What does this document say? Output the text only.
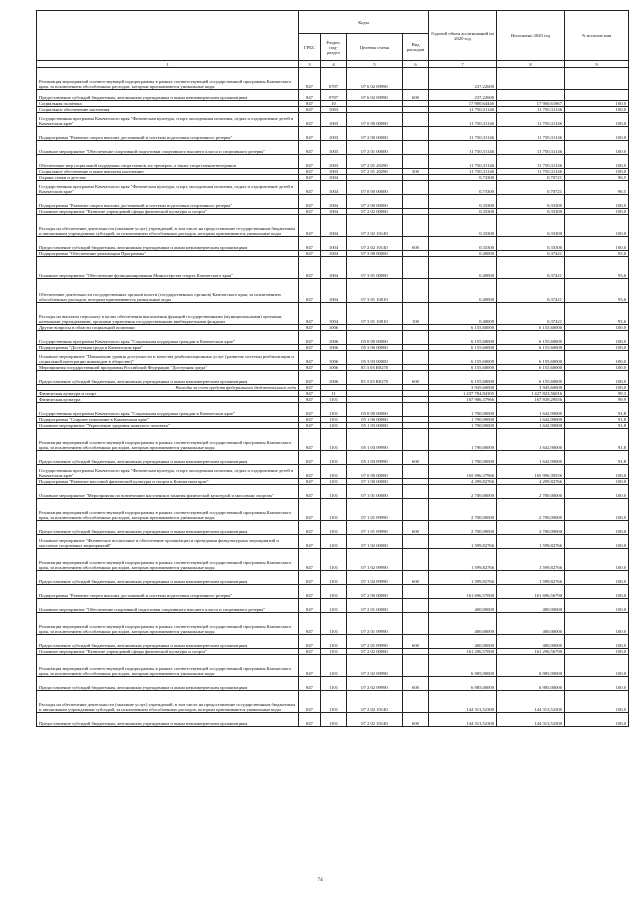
	Коды				Годовой объем ассигнований на 2020 год	Исполнено 2020 год	% исполне ния
	ГРБС	Раздел, под-раздел	Целевая статья	Вид расходов			
1	3	4	5	6	7	8	9
Реализация мероприятий соответствующей подпрограммы в рамках соответствующей государственной программы Камчатского края, за исключением обособленных расходов, которым присваиваются уникальные коды	847	0707	07 6 02 09990		237,22600		
Предоставление субсидий бюджетным, автономным учреждениям и иным некоммерческим организациям	847	0707	07 6 02 09990	600	237,22600		
Социальная политика	847	10			17 900,64446	17 900,61867	100,0
Социальное обеспечение населения	847	1003			11 750,31146	11 750,31146	100,0
Государственная программа Камчатского края "Физическая культура, спорт, молодежная политика, отдых и оздоровление детей в Камчатском крае"	847	1003	07 0 00 00000		11 750,31146	11 750,31146	100,0
Подпрограмма "Развитие спорта высших достижений и системы подготовки спортивного резерва"	847	1003	07 2 00 00000		11 750,31146	11 750,31146	100,0
Основное мероприятие "Обеспечение спортивной подготовки спортивного высшего класса и спортивного резерва"	847	1003	07 2 01 00000		11 750,31146	11 750,31146	100,0
Обеспечение мер социальной поддержки спортсменов, их тренеров, а также спортсменов-ветеранов	847	1003	07 2 01 20290		11 750,31146	11 750,31146	100,0
Социальное обеспечение и иные выплаты населению	847	1003	07 2 01 20290	300	11 750,31146	11 750,31146	100,0
Охрана семьи и детства	847	1004			0,73300	0,70721	96,5
Государственная программа Камчатского края "Физическая культура, спорт, молодежная политика, отдых и оздоровление детей в Камчатском крае"	847	1004	07 0 00 00000		0,73300	0,70721	96,5
Подпрограмма "Развитие спорта высших достижений и системы подготовки спортивного резерва"	847	1004	07 2 00 00000		0,33300	0,33300	100,0
Основное мероприятие "Развитие учреждений сферы физической культуры и спорта"	847	1004	07 2 02 00000		0,33300	0,33300	100,0
Расходы на обеспечение деятельности (оказание услуг) учреждений, в том числе на предоставление государственным бюджетным и автономным учреждениям субсидий, за исключением обособленных расходов, которым присваиваются уникальные коды	847	1004	07 2 02 10140		0,33300	0,33300	100,0
Предоставление субсидий бюджетным, автономным учреждениям и иным некоммерческим организациям	847	1004	07 2 02 10140	600	0,33300	0,33300	100,0
Подпрограмма "Обеспечение реализации Программы"	847	1004	07 3 00 00000		0,40000	0,37421	93,6
Основное мероприятие "Обеспечение функционирования Министерства спорта Камчатского края"	847	1004	07 3 01 00000		0,40000	0,37421	93,6
Обеспечение деятельности государственных органов власти (государственных органов) Камчатского края, за исключением обособленных расходов, которым присваиваются уникальные коды	847	1004	07 3 01 10010		0,40000	0,37421	93,6
Расходы на выплаты персоналу в целях обеспечения выполнения функций государственными (муниципальными) органами, казенными учреждениями, органами управления государственными внебюджетными фондами	847	1004	07 3 01 10010	100	0,40000	0,37421	93,6
Другие вопросы в области социальной политики	847	1006			6 155,60000	6 155,60000	100,0
Государственная программа Камчатского края "Социальная поддержка граждан в Камчатском крае"	847	1006	05 0 00 00000		6 155,60000	6 155,60000	100,0
Подпрограмма "Доступная среда в Камчатском крае"	847	1006	05 3 00 00000		6 155,60000	6 155,60000	100,0
Основное мероприятие "Повышение уровня доступности и качества реабилитационных услуг (развитие системы реабилитации и социальной интеграции инвалидов в обществе)"	847	1006	05 3 03 00000		6 155,60000	6 155,60000	100,0
Мероприятия государственной программы Российской Федерации "Доступная среда"	847	1006	05 3 03 R0270		6 155,60000	6 155,60000	100,0
Предоставление субсидий бюджетным, автономным учреждениям и иным некоммерческим организациям	847	1006	05 3 03 R0270	600	6 155,60000	6 155,60000	100,0
Расходы за счет средств федерального бюджета/иного года	847				3 945,60000	3 945,60000	100,0
Физическая культура и спорт	847	11			1 437 784,84305	1 427 823,56016	99,3
Физическая культура	847	1101			167 986,37966	167 839,29556	99,9
Государственная программа Камчатского края "Социальная поддержка граждан в Камчатском крае"	847	1101	05 0 00 00000		1 790,00000	1 642,90000	91,8
Подпрограмма "Старшее поколение в Камчатском крае"	847	1101	05 1 00 00000		1 790,00000	1 642,90000	91,8
Основное мероприятие "Укрепление здоровья пожилого человека"	847	1101	05 1 03 00000		1 790,00000	1 642,90000	91,8
Реализация мероприятий соответствующей подпрограммы в рамках соответствующей государственной программы Камчатского края, за исключением обособленных расходов, которым присваиваются уникальные коды	847	1101	05 1 03 09990		1 790,00000	1 642,90000	91,8
Предоставление субсидий бюджетным, автономным учреждениям и иным некоммерческим организациям	847	1101	05 1 03 09990	600	1 790,00000	1 642,90000	91,8
Государственная программа Камчатского края "Физическая культура, спорт, молодежная политика, отдых и оздоровление детей в Камчатском крае"	847	1101	07 0 00 00000		165 996,37966	165 996,39556	100,0
Подпрограмма "Развитие массовой физической культуры и спорта в Камчатском крае"	847	1101	07 1 00 00000		4 299,82766	4 299,82766	100,0
Основное мероприятие "Мероприятия по вовлечению населения в занятия физической культурой и массовым спортом"	847	1101	07 1 01 00000		2 700,00000	2 700,00000	100,0
Реализация мероприятий соответствующей подпрограммы в рамках соответствующей государственной программы Камчатского края, за исключением обособленных расходов, которым присваиваются уникальные коды	847	1101	07 1 01 09990		2 700,00000	2 700,00000	100,0
Предоставление субсидий бюджетным, автономным учреждениям и иным некоммерческим организациям	847	1101	07 1 01 09990	600	2 700,00000	2 700,00000	100,0
Основное мероприятие "Физическое воспитание и обеспечение организации и проведения физкультурных мероприятий и массовых спортивных мероприятий"	847	1101	07 1 02 00000		1 599,82766	1 599,82766	100,0
Реализация мероприятий соответствующей подпрограммы в рамках соответствующей государственной программы Камчатского края, за исключением обособленных расходов, которым присваиваются уникальные коды	847	1101	07 1 02 09990		1 599,82766	1 599,82766	100,0
Предоставление субсидий бюджетным, автономным учреждениям и иным некоммерческим организациям	847	1101	07 1 02 09990	600	1 599,82766	1 599,82766	100,0
Подпрограмма "Развитие спорта высших достижений и системы подготовки спортивного резерва"	847	1101	07 2 00 00000		161 696,57000	161 696,56790	100,0
Основное мероприятие "Обеспечение спортивной подготовки спортивного высшего класса и спортивного резерва"	847	1101	07 2 01 00000		400,00000	400,00000	100,0
Реализация мероприятий соответствующей подпрограммы в рамках соответствующей государственной программы Камчатского края, за исключением обособленных расходов, которым присваиваются уникальные коды	847	1101	07 2 01 09990		400,00000	400,00000	100,0
Предоставление субсидий бюджетным, автономным учреждениям и иным некоммерческим организациям	847	1101	07 2 01 09990	600	400,00000	400,00000	100,0
Основное мероприятие "Развитие учреждений сферы физической культуры и спорта"	847	1101	07 2 02 00000		161 296,57000	161 296,56790	100,0
Реализация мероприятий соответствующей подпрограммы в рамках соответствующей государственной программы Камчатского края, за исключением обособленных расходов, которым присваиваются уникальные коды	847	1101	07 2 02 09990		6 985,00000	6 985,00000	100,0
Предоставление субсидий бюджетным, автономным учреждениям и иным некоммерческим организациям	847	1101	07 2 02 09990	600	6 985,00000	6 985,00000	100,0
Расходы на обеспечение деятельности (оказание услуг) учреждений, в том числе на предоставление государственным бюджетным и автономным учреждениям субсидий, за исключением обособленных расходов, которым присваиваются уникальные коды	847	1101	07 2 02 10140		144 313,52300	144 313,52300	100,0
Предоставление субсидий бюджетным, автономным учреждениям и иным некоммерческим организациям	847	1101	07 2 02 10140	600	144 313,52300	144 313,52300	100,0
74
